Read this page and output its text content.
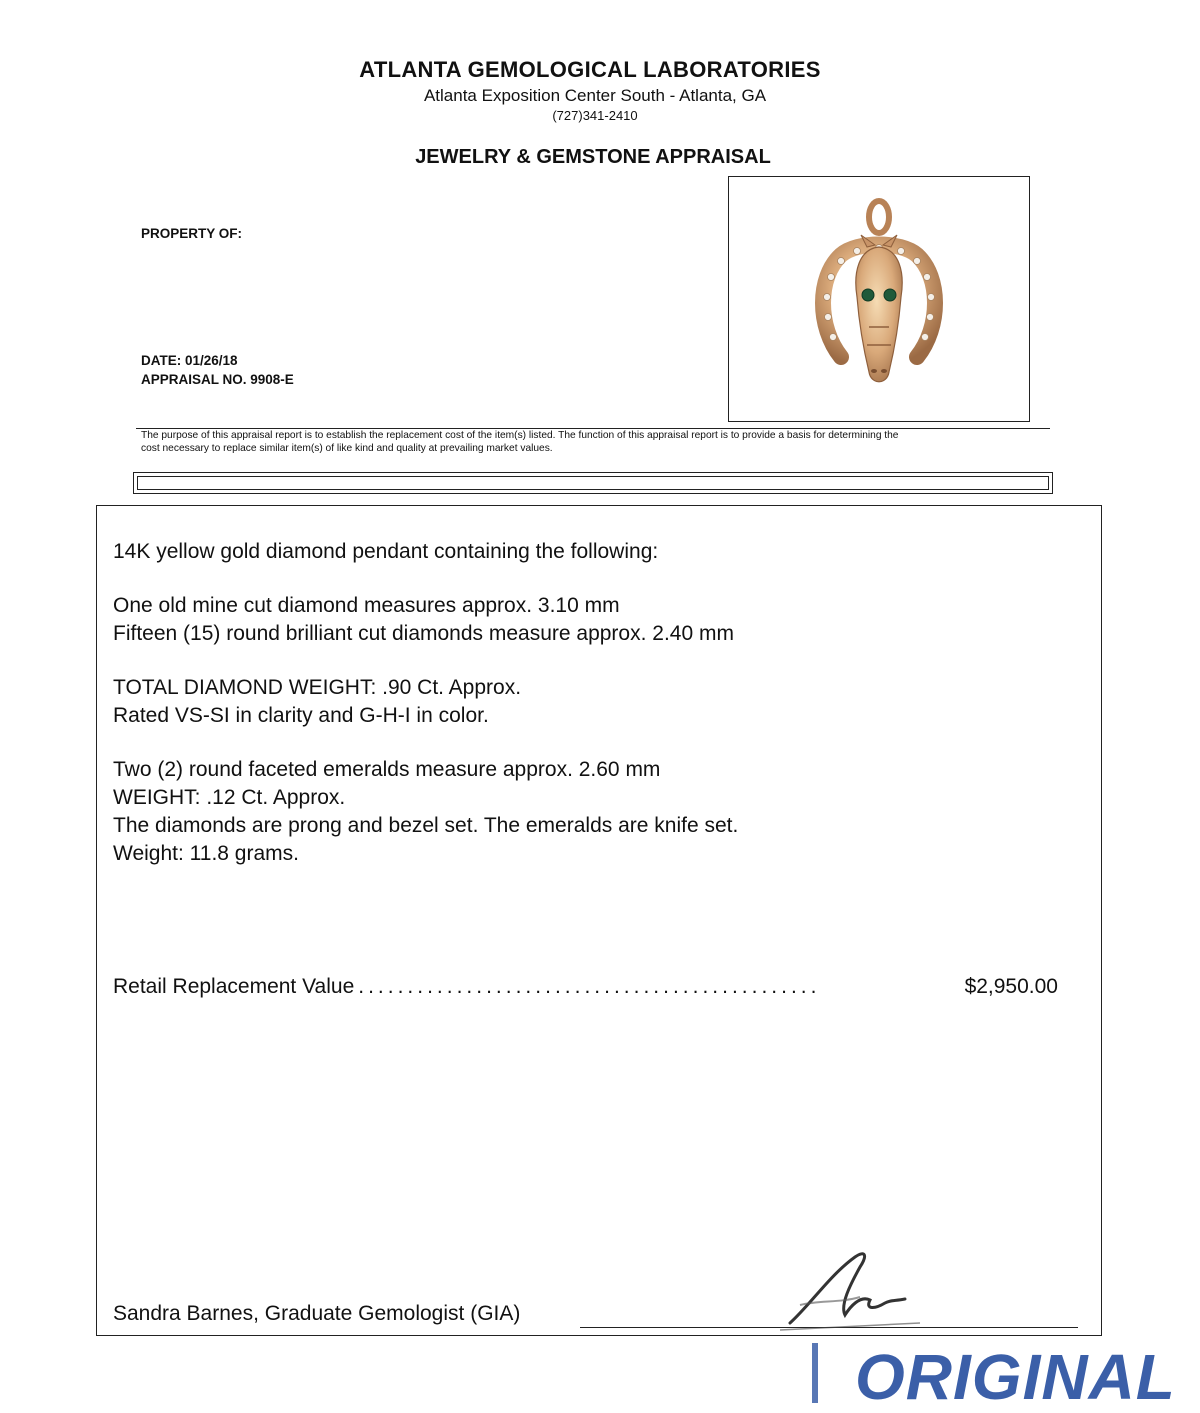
ATLANTA GEMOLOGICAL LABORATORIES
Atlanta Exposition Center South - Atlanta, GA
(727)341-2410
JEWELRY & GEMSTONE APPRAISAL
PROPERTY OF:
DATE: 01/26/18
APPRAISAL NO. 9908-E
The purpose of this appraisal report is to establish the replacement cost of the item(s) listed. The function of this appraisal report is to provide a basis for determining the
cost necessary to replace similar item(s) of like kind and quality at prevailing market values.
14K yellow gold diamond pendant containing the following:
One old mine cut diamond measures approx. 3.10 mm
Fifteen (15) round brilliant cut diamonds measure approx. 2.40 mm
TOTAL DIAMOND WEIGHT: .90 Ct. Approx.
Rated VS-SI in clarity and G-H-I in color.
Two (2) round faceted emeralds measure approx. 2.60 mm
WEIGHT: .12 Ct. Approx.
The diamonds are prong and bezel set. The emeralds are knife set.
Weight: 11.8 grams.
Retail Replacement Value ...............................................	$2,950.00
Sandra Barnes, Graduate Gemologist (GIA)
ORIGINAL
